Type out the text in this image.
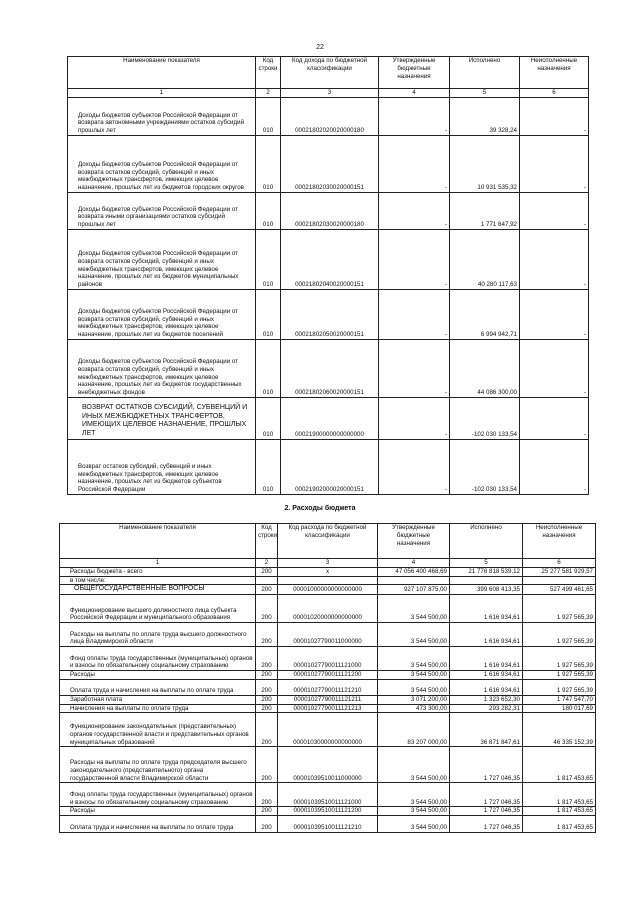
22
Наименование показателя	Код строки	Код дохода по бюджетной классификации	Утвержденные бюджетные назначения	Исполнено	Неисполненные назначения
1	2	3	4	5	6
Доходы бюджетов субъектов Российской Федерации от возврата автономными учреждениями остатков субсидий прошлых лет	010	00021802020020000180	-	39 328,24	-
Доходы бюджетов субъектов Российской Федерации от возврата остатков субсидий, субвенций и иных межбюджетных трансфертов, имеющих целевое назначение, прошлых лет из бюджетов городских округов	010	00021802030020000151	-	10 931 535,32	-
Доходы бюджетов субъектов Российской Федерации от возврата иными организациями остатков субсидий прошлых лет	010	00021802030020000180	-	1 771 847,92	-
Доходы бюджетов субъектов Российской Федерации от возврата остатков субсидий, субвенций и иных межбюджетных трансфертов, имеющих целевое назначение, прошлых лет из бюджетов муниципальных районов	010	00021802040020000151	-	40 280 117,63	-
Доходы бюджетов субъектов Российской Федерации от возврата остатков субсидий, субвенций и иных межбюджетных трансфертов, имеющих целевое назначение, прошлых лет из бюджетов поселений	010	00021802050020000151	-	6 994 942,71	-
Доходы бюджетов субъектов Российской Федерации от возврата остатков субсидий, субвенций и иных межбюджетных трансфертов, имеющих целевое назначение, прошлых лет из бюджетов государственных внебюджетных фондов	010	00021802060020000151	-	44 086 300,00	-
ВОЗВРАТ ОСТАТКОВ СУБСИДИЙ, СУБВЕНЦИЙ И ИНЫХ МЕЖБЮДЖЕТНЫХ ТРАНСФЕРТОВ, ИМЕЮЩИХ ЦЕЛЕВОЕ НАЗНАЧЕНИЕ, ПРОШЛЫХ ЛЕТ	010	00021900000000000000	-	-102 030 133,54	-
Возврат остатков субсидий, субвенций и иных межбюджетных трансфертов, имеющих целевое назначение, прошлых лет из бюджетов субъектов Российской Федерации	010	00021902000020000151	-	-102 030 133,54	-
2. Расходы бюджета
Наименование показателя	Код строки	Код расхода по бюджетной классификации	Утвержденные бюджетные назначения	Исполнено	Неисполненные назначения
1	2	3	4	5	6
Расходы бюджета - всего	200	x	47 056 400 468,69	21 778 818 539,12	25 277 581 929,57
в том числе:					
ОБЩЕГОСУДАРСТВЕННЫЕ ВОПРОСЫ	200	00001000000000000000	927 107 875,00	399 608 413,35	527 499 461,65
Функционирование высшего должностного лица субъекта Российской Федерации и муниципального образования	200	00001020000000000000	3 544 500,00	1 616 934,61	1 927 565,39
Расходы на выплаты по оплате труда высшего должностного лица Владимирской области	200	00001027790011000000	3 544 500,00	1 616 934,61	1 927 565,39
Фонд оплаты труда государственных (муниципальных) органов и взносы по обязательному социальному страхованию	200	00001027790011121000	3 544 500,00	1 616 934,61	1 927 565,39
Расходы	200	00001027790011121200	3 544 500,00	1 616 934,61	1 927 565,39
Оплата труда и начисления на выплаты по оплате труда	200	00001027790011121210	3 544 500,00	1 616 934,61	1 927 565,39
Заработная плата	200	00001027790011121211	3 071 200,00	1 323 652,30	1 747 547,70
Начисления на выплаты по оплате труда	200	00001027790011121213	473 300,00	293 282,31	180 017,69
Функционирование законодательных (представительных) органов государственной власти и представительных органов муниципальных образований	200	00001030000000000000	83 207 000,00	36 871 847,61	46 335 152,39
Расходы на выплаты по оплате труда председателя высшего законодательного (представительного) органа государственной власти Владимирской области	200	00001039510011000000	3 544 500,00	1 727 046,35	1 817 453,65
Фонд оплаты труда государственных (муниципальных) органов и взносы по обязательному социальному страхованию	200	00001039510011121000	3 544 500,00	1 727 046,35	1 817 453,65
Расходы	200	00001039510011121200	3 544 500,00	1 727 046,35	1 817 453,65
Оплата труда и начисления на выплаты по оплате труда	200	00001039510011121210	3 544 500,00	1 727 046,35	1 817 453,65
